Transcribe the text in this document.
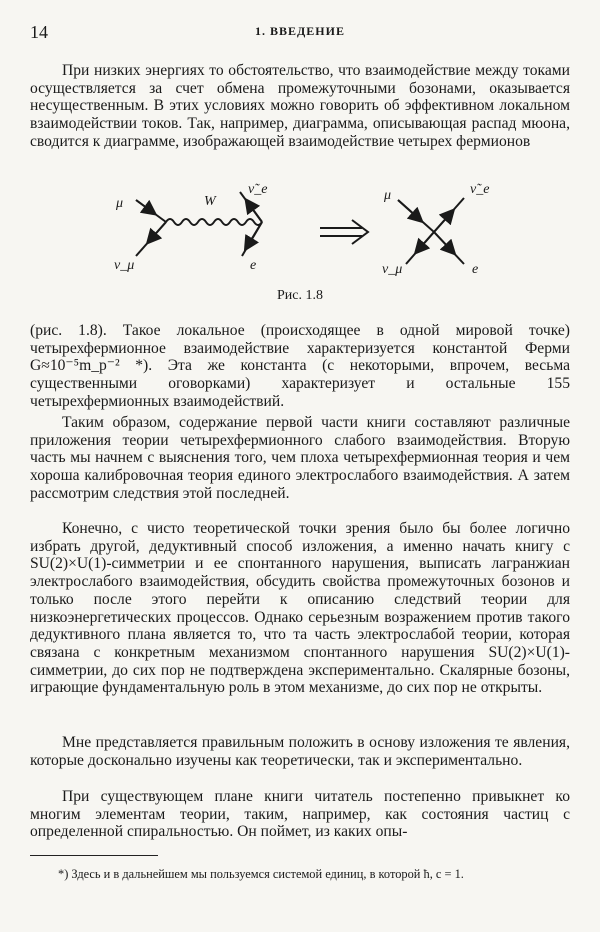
14	1. ВВЕДЕНИЕ

При низких энергиях то обстоятельство, что взаимодействие между токами осуществляется за счет обмена промежуточными бозонами, оказывается несущественным. В этих условиях можно говорить об эффективном локальном взаимодействии токов. Так, например, диаграмма, описывающая распад мюона, сводится к диаграмме, изображающей взаимодействие четырех фермионов

μ
ν_μ
W
ν̃_e
e
μ
ν_μ
ν̃_e
e
Рис. 1.8

(рис. 1.8). Такое локальное (происходящее в одной мировой точке) четырехфермионное взаимодействие характеризуется константой Ферми G≈10⁻⁵m_p⁻² *). Эта же константа (с некоторыми, впрочем, весьма существенными оговорками) характеризует и остальные 155 четырехфермионных взаимодействий.

Таким образом, содержание первой части книги составляют различные приложения теории четырехфермионного слабого взаимодействия. Вторую часть мы начнем с выяснения того, чем плоха четырехфермионная теория и чем хороша калибровочная теория единого электрослабого взаимодействия. А затем рассмотрим следствия этой последней.

Конечно, с чисто теоретической точки зрения было бы более логично избрать другой, дедуктивный способ изложения, а именно начать книгу с SU(2)×U(1)-симметрии и ее спонтанного нарушения, выписать лагранжиан электрослабого взаимодействия, обсудить свойства промежуточных бозонов и только после этого перейти к описанию следствий теории для низкоэнергетических процессов. Однако серьезным возражением против такого дедуктивного плана является то, что та часть электрослабой теории, которая связана с конкретным механизмом спонтанного нарушения SU(2)×U(1)-симметрии, до сих пор не подтверждена экспериментально. Скалярные бозоны, играющие фундаментальную роль в этом механизме, до сих пор не открыты.

Мне представляется правильным положить в основу изложения те явления, которые досконально изучены как теоретически, так и экспериментально.

При существующем плане книги читатель постепенно привыкнет ко многим элементам теории, таким, например, как состояния частиц с определенной спиральностью. Он поймет, из каких опы-

*) Здесь и в дальнейшем мы пользуемся системой единиц, в которой ħ, c = 1.
